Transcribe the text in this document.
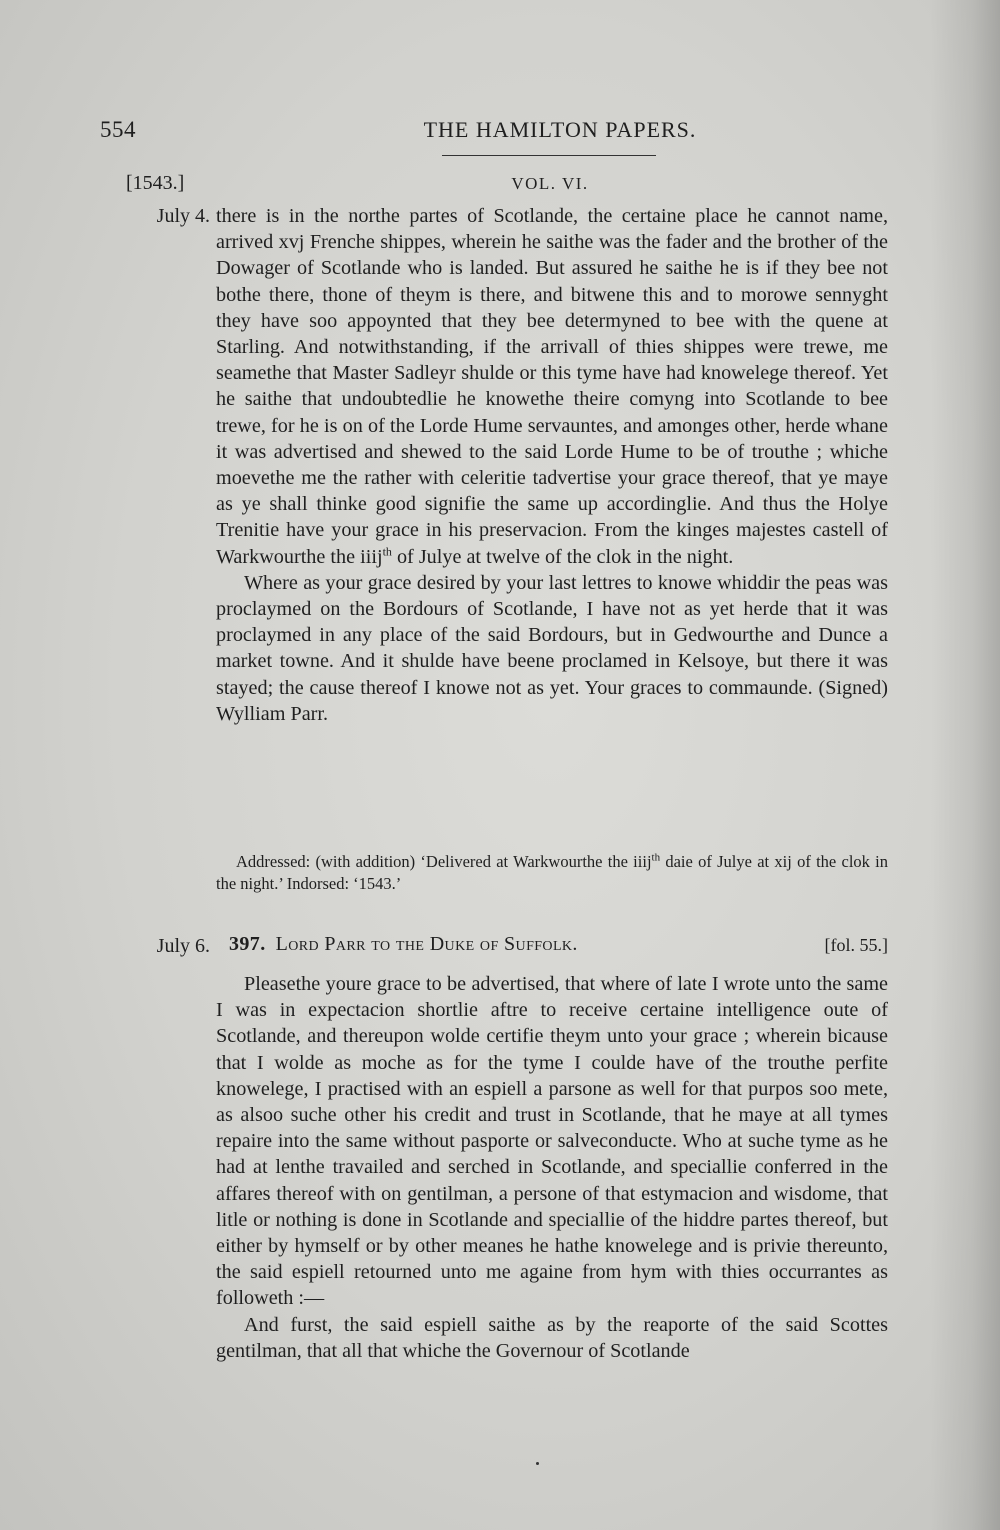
554	THE HAMILTON PAPERS.
[1543.]	VOL. VI.
July 4. there is in the northe partes of Scotlande, the certaine place he cannot name, arrived xvj Frenche shippes, wherein he saithe was the fader and the brother of the Dowager of Scotlande who is landed. But assured he saithe he is if they bee not bothe there, thone of theym is there, and bitwene this and to morowe sennyght they have soo appoynted that they bee determyned to bee with the quene at Starling. And notwithstanding, if the arrivall of thies shippes were trewe, me seamethe that Master Sadleyr shulde or this tyme have had knowelege thereof. Yet he saithe that undoubtedlie he knowethe theire comyng into Scotlande to bee trewe, for he is on of the Lorde Hume servauntes, and amonges other, herde whane it was advertised and shewed to the said Lorde Hume to be of trouthe ; whiche moevethe me the rather with celeritie tadvertise your grace thereof, that ye maye as ye shall thinke good signifie the same up accordinglie. And thus the Holye Trenitie have your grace in his preservacion. From the kinges majestes castell of Warkwourthe the iiij$^{th}$ of Julye at twelve of the clok in the night.

Where as your grace desired by your last lettres to knowe whiddir the peas was proclaymed on the Bordours of Scotlande, I have not as yet herde that it was proclaymed in any place of the said Bordours, but in Gedwourthe and Dunce a market towne. And it shulde have beene proclamed in Kelsoye, but there it was stayed; the cause thereof I knowe not as yet. Your graces to commaunde. (Signed) Wylliam Parr.

Addressed: (with addition) ‘Delivered at Warkwourthe the iiij$^{th}$ daie of Julye at xij of the clok in the night.’ Indorsed: ‘1543.’
July 6. 397. Lord Parr to the Duke of Suffolk.	[fol. 55.]

Pleasethe youre grace to be advertised, that where of late I wrote unto the same I was in expectacion shortlie aftre to receive certaine intelligence oute of Scotlande, and thereupon wolde certifie theym unto your grace ; wherein bicause that I wolde as moche as for the tyme I coulde have of the trouthe perfite knowelege, I practised with an espiell a parsone as well for that purpos soo mete, as alsoo suche other his credit and trust in Scotlande, that he maye at all tymes repaire into the same without pasporte or salveconducte. Who at suche tyme as he had at lenthe travailed and serched in Scotlande, and speciallie conferred in the affares thereof with on gentilman, a persone of that estymacion and wisdome, that litle or nothing is done in Scotlande and speciallie of the hiddre partes thereof, but either by hymself or by other meanes he hathe knowelege and is privie thereunto, the said espiell retourned unto me againe from hym with thies occurrantes as followeth :—

And furst, the said espiell saithe as by the reaporte of the said Scottes gentilman, that all that whiche the Governour of Scotlande
